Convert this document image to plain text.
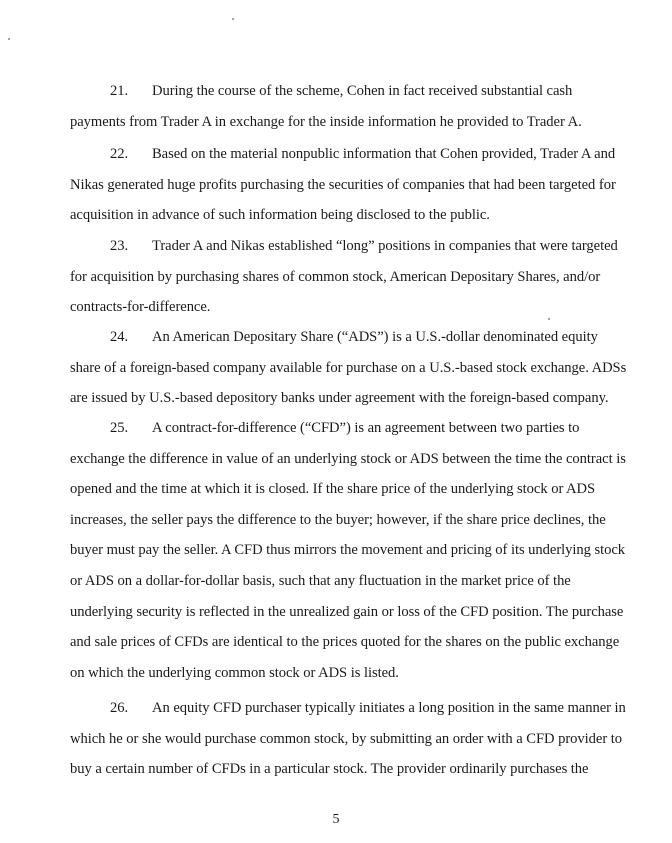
21. During the course of the scheme, Cohen in fact received substantial cash
payments from Trader A in exchange for the inside information he provided to Trader A.
22. Based on the material nonpublic information that Cohen provided, Trader A and
Nikas generated huge profits purchasing the securities of companies that had been targeted for
acquisition in advance of such information being disclosed to the public.
23. Trader A and Nikas established “long” positions in companies that were targeted
for acquisition by purchasing shares of common stock, American Depositary Shares, and/or
contracts-for-difference.
24. An American Depositary Share (“ADS”) is a U.S.-dollar denominated equity
share of a foreign-based company available for purchase on a U.S.-based stock exchange. ADSs
are issued by U.S.-based depository banks under agreement with the foreign-based company.
25. A contract-for-difference (“CFD”) is an agreement between two parties to
exchange the difference in value of an underlying stock or ADS between the time the contract is
opened and the time at which it is closed. If the share price of the underlying stock or ADS
increases, the seller pays the difference to the buyer; however, if the share price declines, the
buyer must pay the seller. A CFD thus mirrors the movement and pricing of its underlying stock
or ADS on a dollar-for-dollar basis, such that any fluctuation in the market price of the
underlying security is reflected in the unrealized gain or loss of the CFD position. The purchase
and sale prices of CFDs are identical to the prices quoted for the shares on the public exchange
on which the underlying common stock or ADS is listed.
26. An equity CFD purchaser typically initiates a long position in the same manner in
which he or she would purchase common stock, by submitting an order with a CFD provider to
buy a certain number of CFDs in a particular stock. The provider ordinarily purchases the
5
